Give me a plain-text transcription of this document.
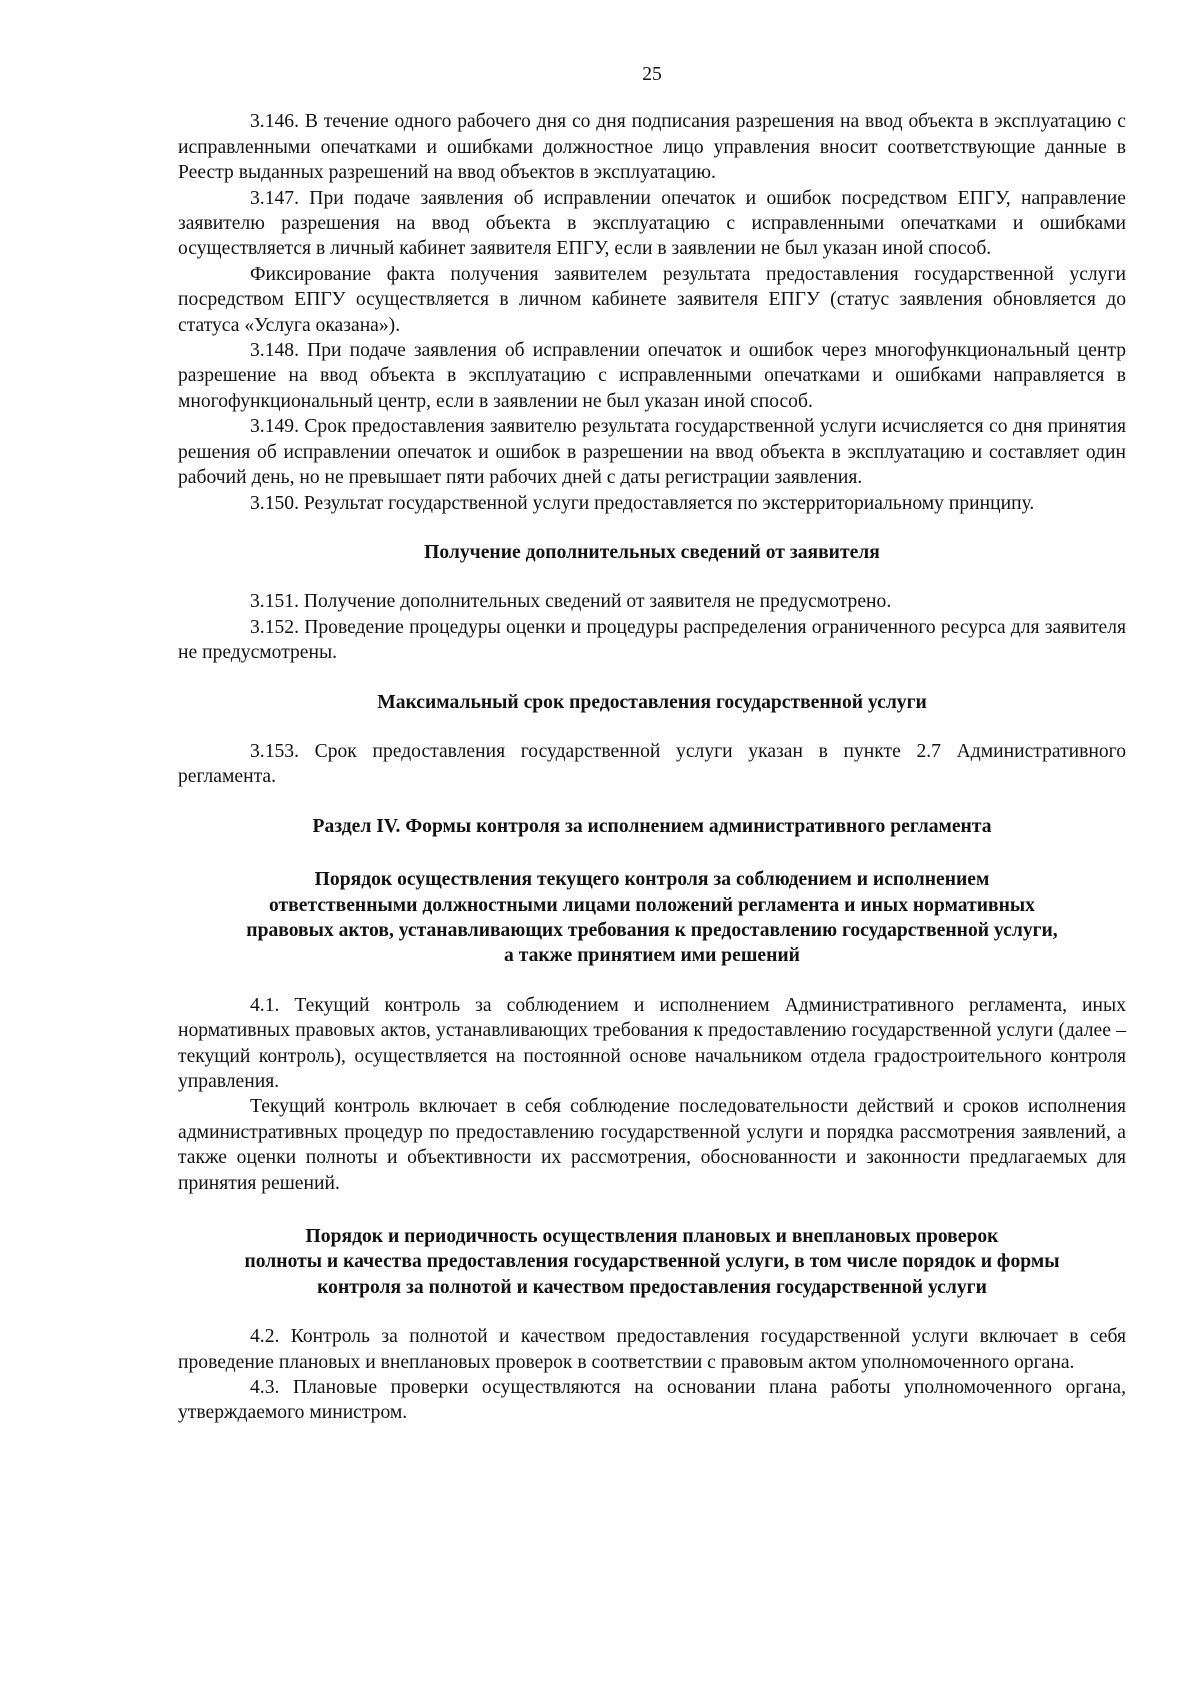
25

3.146. В течение одного рабочего дня со дня подписания разрешения на ввод объекта в эксплуатацию с исправленными опечатками и ошибками должностное лицо управления вносит соответствующие данные в Реестр выданных разрешений на ввод объектов в эксплуатацию.

3.147. При подаче заявления об исправлении опечаток и ошибок посредством ЕПГУ, направление заявителю разрешения на ввод объекта в эксплуатацию с исправленными опечатками и ошибками осуществляется в личный кабинет заявителя ЕПГУ, если в заявлении не был указан иной способ.

Фиксирование факта получения заявителем результата предоставления государственной услуги посредством ЕПГУ осуществляется в личном кабинете заявителя ЕПГУ (статус заявления обновляется до статуса «Услуга оказана»).

3.148. При подаче заявления об исправлении опечаток и ошибок через многофункциональный центр разрешение на ввод объекта в эксплуатацию с исправленными опечатками и ошибками направляется в многофункциональный центр, если в заявлении не был указан иной способ.

3.149. Срок предоставления заявителю результата государственной услуги исчисляется со дня принятия решения об исправлении опечаток и ошибок в разрешении на ввод объекта в эксплуатацию и составляет один рабочий день, но не превышает пяти рабочих дней с даты регистрации заявления.

3.150. Результат государственной услуги предоставляется по экстерриториальному принципу.

Получение дополнительных сведений от заявителя

3.151. Получение дополнительных сведений от заявителя не предусмотрено.

3.152. Проведение процедуры оценки и процедуры распределения ограниченного ресурса для заявителя не предусмотрены.

Максимальный срок предоставления государственной услуги

3.153. Срок предоставления государственной услуги указан в пункте 2.7 Административного регламента.

Раздел IV. Формы контроля за исполнением административного регламента
Порядок осуществления текущего контроля за соблюдением и исполнением
ответственными должностными лицами положений регламента и иных нормативных
правовых актов, устанавливающих требования к предоставлению государственной услуги,
а также принятием ими решений

4.1. Текущий контроль за соблюдением и исполнением Административного регламента, иных нормативных правовых актов, устанавливающих требования к предоставлению государственной услуги (далее – текущий контроль), осуществляется на постоянной основе начальником отдела градостроительного контроля управления.

Текущий контроль включает в себя соблюдение последовательности действий и сроков исполнения административных процедур по предоставлению государственной услуги и порядка рассмотрения заявлений, а также оценки полноты и объективности их рассмотрения, обоснованности и законности предлагаемых для принятия решений.

Порядок и периодичность осуществления плановых и внеплановых проверок
полноты и качества предоставления государственной услуги, в том числе порядок и формы
контроля за полнотой и качеством предоставления государственной услуги

4.2. Контроль за полнотой и качеством предоставления государственной услуги включает в себя проведение плановых и внеплановых проверок в соответствии с правовым актом уполномоченного органа.

4.3. Плановые проверки осуществляются на основании плана работы уполномоченного органа, утверждаемого министром.
